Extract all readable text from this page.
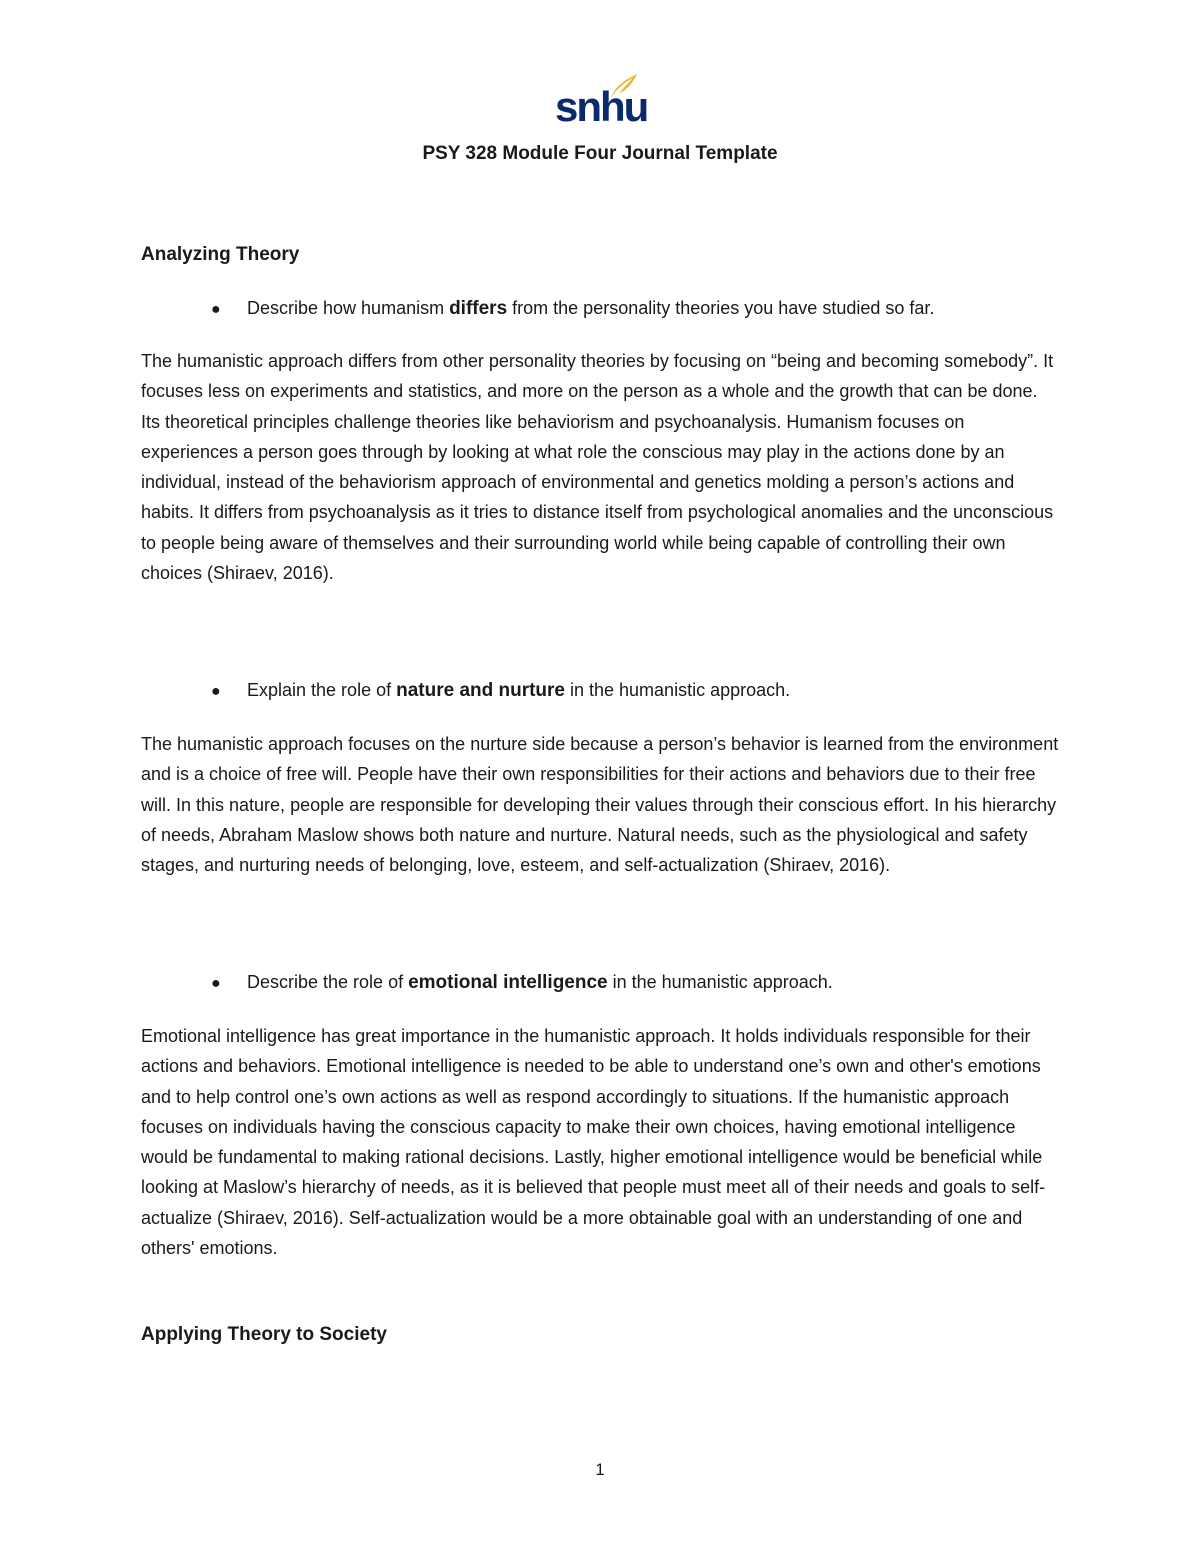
snhu
PSY 328 Module Four Journal Template
Analyzing Theory

●	Describe how humanism differs from the personality theories you have studied so far.

The humanistic approach differs from other personality theories by focusing on “being and becoming somebody”. It focuses less on experiments and statistics, and more on the person as a whole and the growth that can be done. Its theoretical principles challenge theories like behaviorism and psychoanalysis. Humanism focuses on experiences a person goes through by looking at what role the conscious may play in the actions done by an individual, instead of the behaviorism approach of environmental and genetics molding a person’s actions and habits. It differs from psychoanalysis as it tries to distance itself from psychological anomalies and the unconscious to people being aware of themselves and their surrounding world while being capable of controlling their own choices (Shiraev, 2016).

●	Explain the role of nature and nurture in the humanistic approach.

The humanistic approach focuses on the nurture side because a person’s behavior is learned from the environment and is a choice of free will. People have their own responsibilities for their actions and behaviors due to their free will. In this nature, people are responsible for developing their values through their conscious effort. In his hierarchy of needs, Abraham Maslow shows both nature and nurture. Natural needs, such as the physiological and safety stages, and nurturing needs of belonging, love, esteem, and self-actualization (Shiraev, 2016).

●	Describe the role of emotional intelligence in the humanistic approach.

Emotional intelligence has great importance in the humanistic approach. It holds individuals responsible for their actions and behaviors. Emotional intelligence is needed to be able to understand one’s own and other's emotions and to help control one’s own actions as well as respond accordingly to situations. If the humanistic approach focuses on individuals having the conscious capacity to make their own choices, having emotional intelligence would be fundamental to making rational decisions. Lastly, higher emotional intelligence would be beneficial while looking at Maslow’s hierarchy of needs, as it is believed that people must meet all of their needs and goals to self-actualize (Shiraev, 2016). Self-actualization would be a more obtainable goal with an understanding of one and others' emotions.

Applying Theory to Society

1
